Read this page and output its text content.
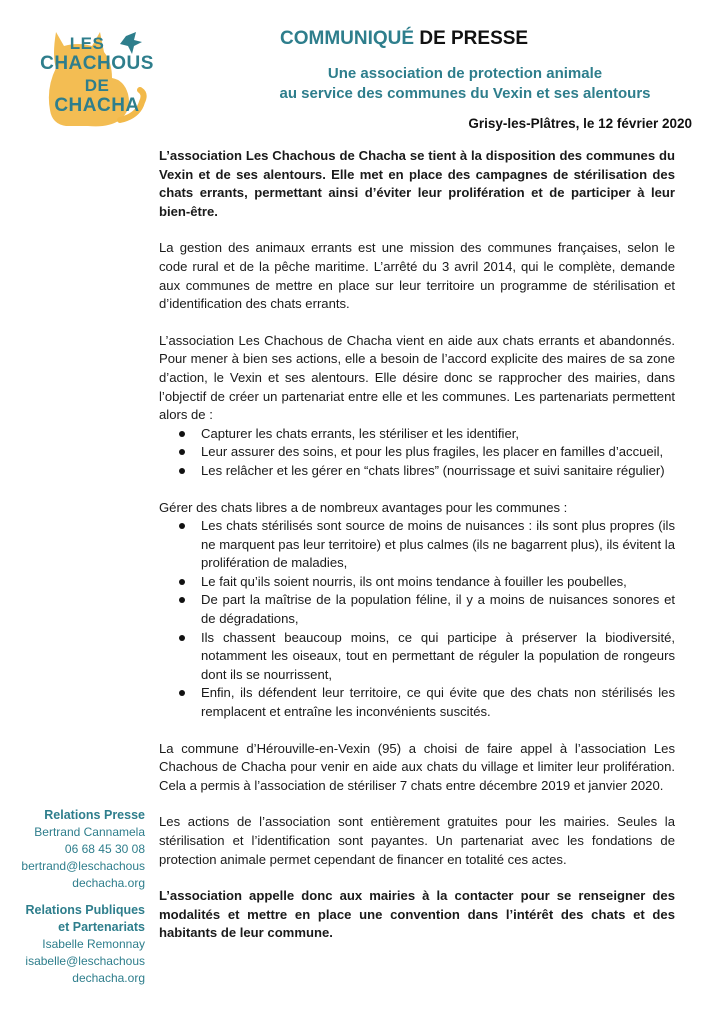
LES
CHACHOUS
DE
CHACHA
COMMUNIQUÉ DE PRESSE
Une association de protection animale
au service des communes du Vexin et ses alentours
Grisy-les-Plâtres, le 12 février 2020

L’association Les Chachous de Chacha se tient à la disposition des communes du Vexin et de ses alentours. Elle met en place des campagnes de stérilisation des chats errants, permettant ainsi d’éviter leur prolifération et de participer à leur bien-être.

La gestion des animaux errants est une mission des communes françaises, selon le code rural et de la pêche maritime. L’arrêté du 3 avril 2014, qui le complète, demande aux communes de mettre en place sur leur territoire un programme de stérilisation et d’identification des chats errants.

L’association Les Chachous de Chacha vient en aide aux chats errants et abandonnés. Pour mener à bien ses actions, elle a besoin de l’accord explicite des maires de sa zone d’action, le Vexin et ses alentours. Elle désire donc se rapprocher des mairies, dans l’objectif de créer un partenariat entre elle et les communes. Les partenariats permettent alors de :

Capturer les chats errants, les stériliser et les identifier,
Leur assurer des soins, et pour les plus fragiles, les placer en familles d’accueil,
Les relâcher et les gérer en “chats libres” (nourrissage et suivi sanitaire régulier)

Gérer des chats libres a de nombreux avantages pour les communes :

Les chats stérilisés sont source de moins de nuisances : ils sont plus propres (ils ne marquent pas leur territoire) et plus calmes (ils ne bagarrent plus), ils évitent la prolifération de maladies,
Le fait qu’ils soient nourris, ils ont moins tendance à fouiller les poubelles,
De part la maîtrise de la population féline, il y a moins de nuisances sonores et de dégradations,
Ils chassent beaucoup moins, ce qui participe à préserver la biodiversité, notamment les oiseaux, tout en permettant de réguler la population de rongeurs dont ils se nourrissent,
Enfin, ils défendent leur territoire, ce qui évite que des chats non stérilisés les remplacent et entraîne les inconvénients suscités.

La commune d’Hérouville-en-Vexin (95) a choisi de faire appel à l’association Les Chachous de Chacha pour venir en aide aux chats du village et limiter leur prolifération. Cela a permis à l’association de stériliser 7 chats entre décembre 2019 et janvier 2020.

Les actions de l’association sont entièrement gratuites pour les mairies. Seules la stérilisation et l’identification sont payantes. Un partenariat avec les fondations de protection animale permet cependant de financer en totalité ces actes.

L’association appelle donc aux mairies à la contacter pour se renseigner des modalités et mettre en place une convention dans l’intérêt des chats et des habitants de leur commune.

Relations Presse
Bertrand Cannamela
06 68 45 30 08
bertrand@leschachous
dechacha.org
Relations Publiques
et Partenariats
Isabelle Remonnay
isabelle@leschachous
dechacha.org
